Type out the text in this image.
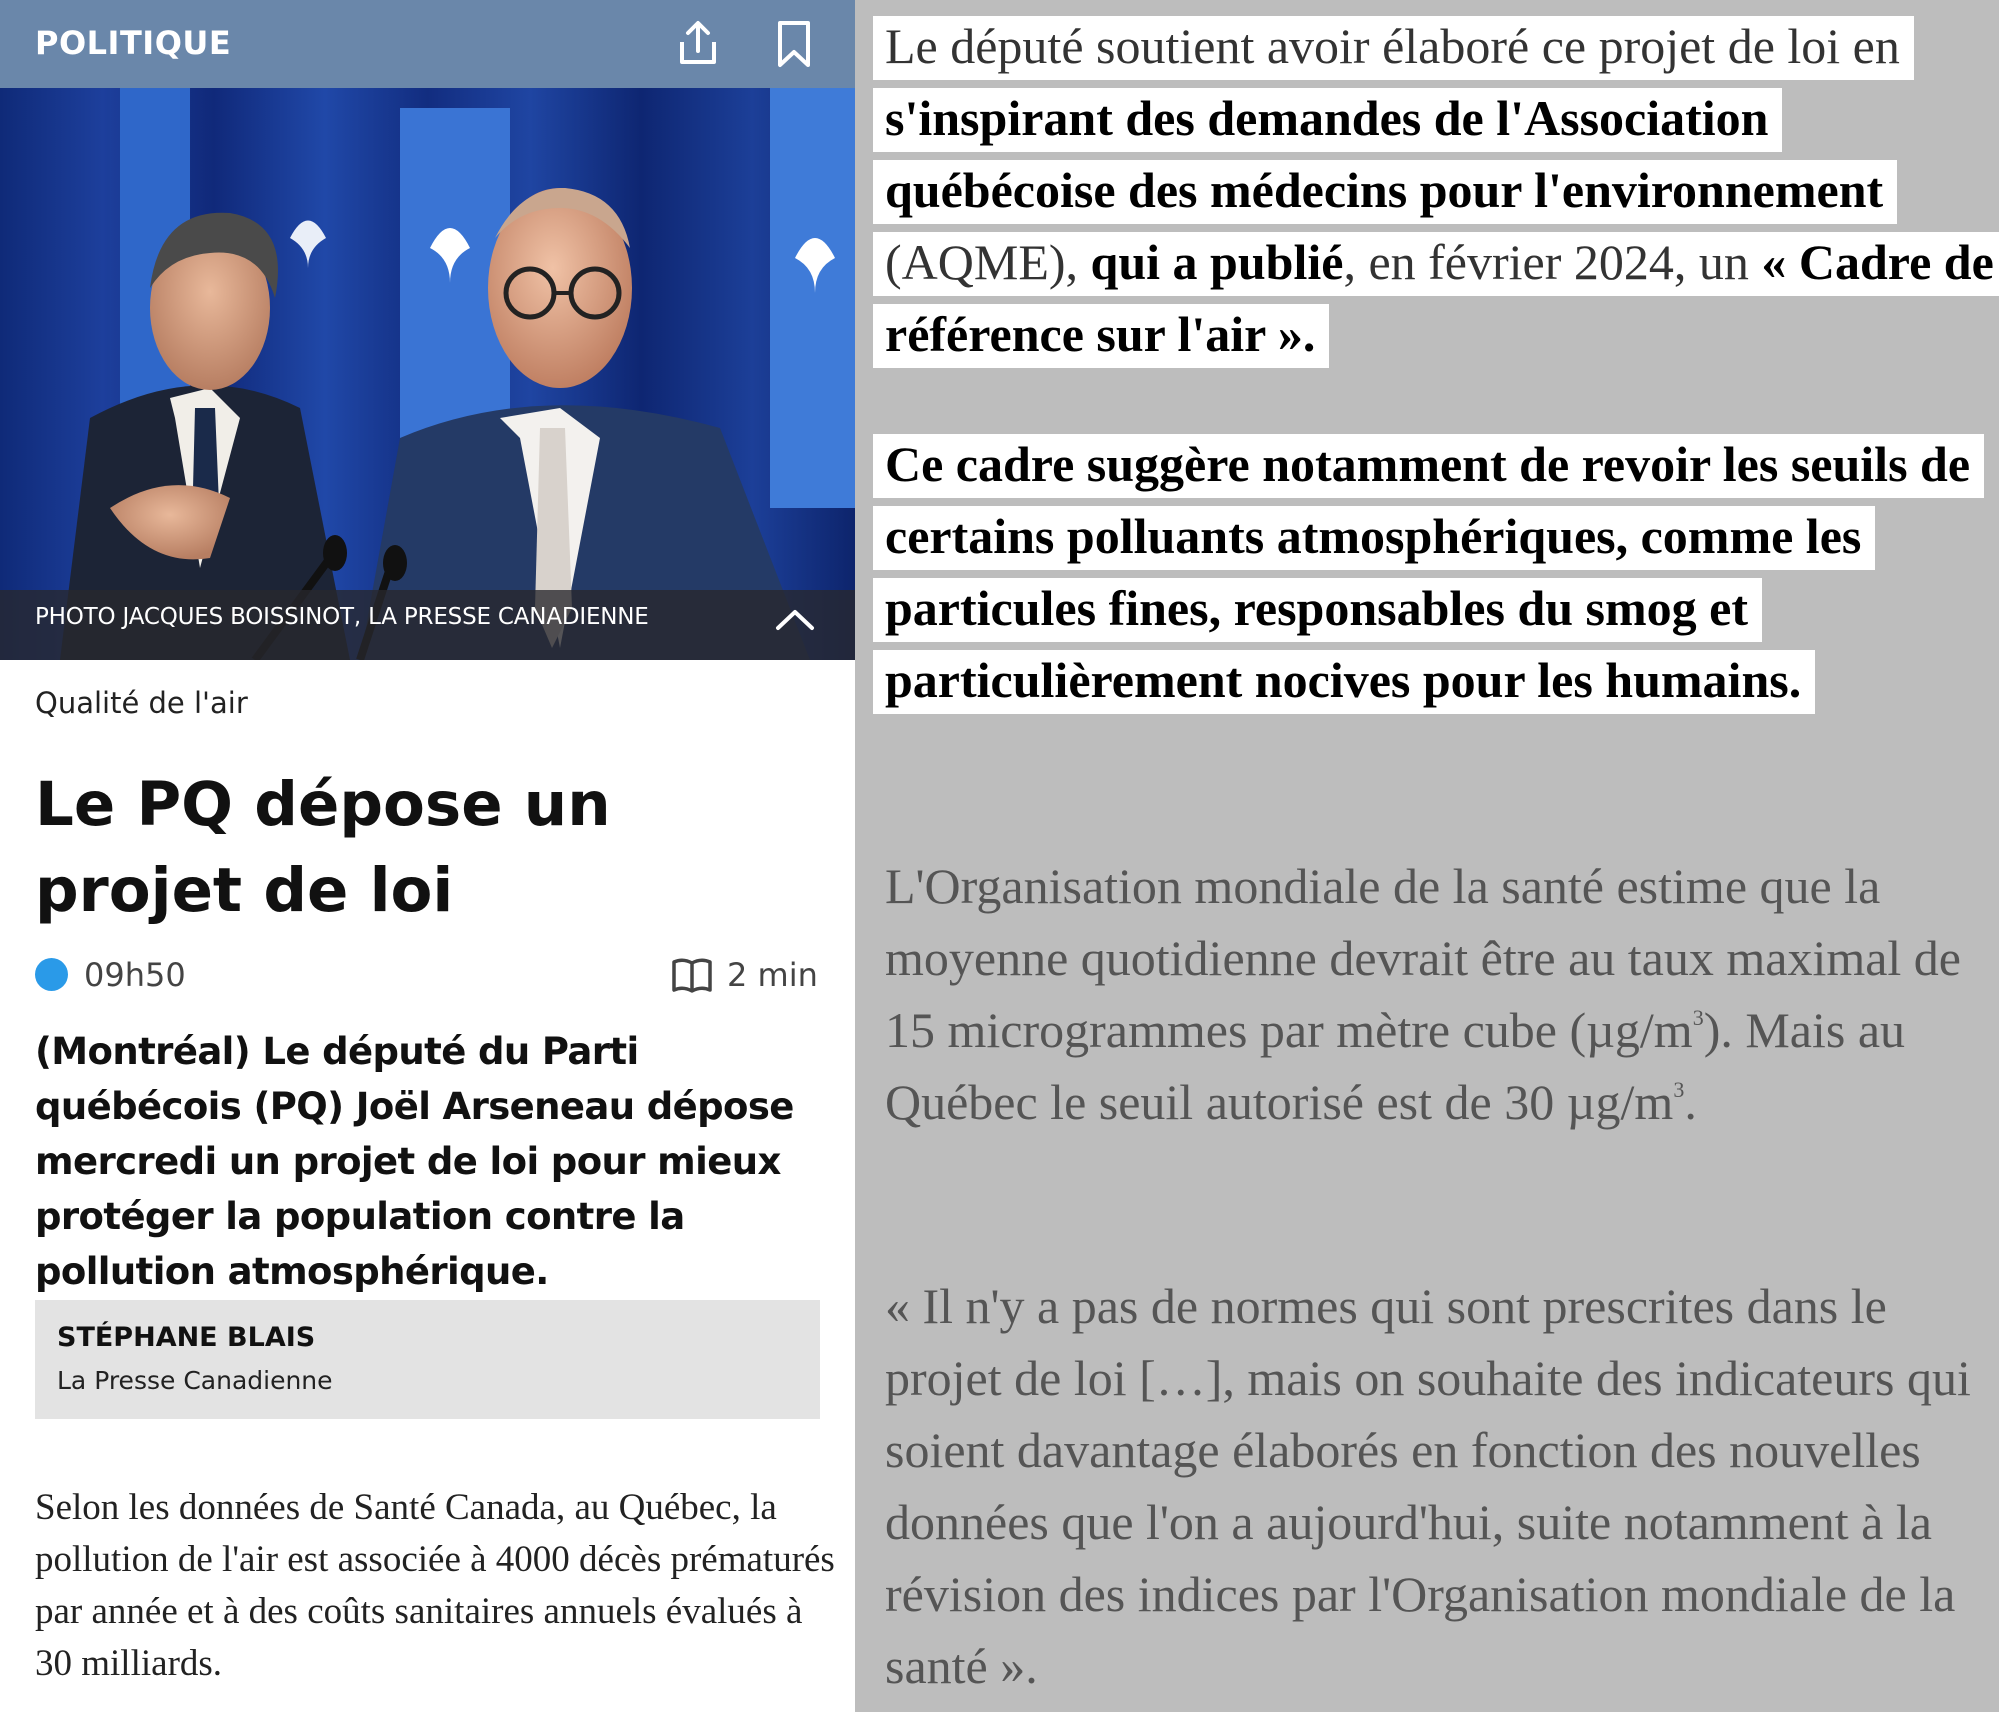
POLITIQUE
PHOTO JACQUES BOISSINOT, LA PRESSE CANADIENNE
Qualité de l'air
Le PQ dépose un projet de loi
09h50	2 min
(Montréal) Le député du Parti québécois (PQ) Joël Arseneau dépose mercredi un projet de loi pour mieux protéger la population contre la pollution atmosphérique.
STÉPHANE BLAIS
La Presse Canadienne
Selon les données de Santé Canada, au Québec, la pollution de l'air est associée à 4000 décès prématurés par année et à des coûts sanitaires annuels évalués à 30 milliards.

Le député soutient avoir élaboré ce projet de loi en s'inspirant des demandes de l'Association québécoise des médecins pour l'environnement (AQME), qui a publié, en février 2024, un « Cadre de référence sur l'air ».

Ce cadre suggère notamment de revoir les seuils de certains polluants atmosphériques, comme les particules fines, responsables du smog et particulièrement nocives pour les humains.

L'Organisation mondiale de la santé estime que la moyenne quotidienne devrait être au taux maximal de 15 microgrammes par mètre cube $(\mu g/m^3)$. Mais au Québec le seuil autorisé est de 30 $\mu g/m^3$.

« Il n'y a pas de normes qui sont prescrites dans le projet de loi […], mais on souhaite des indicateurs qui soient davantage élaborés en fonction des nouvelles données que l'on a aujourd'hui, suite notamment à la révision des indices par l'Organisation mondiale de la santé ».
